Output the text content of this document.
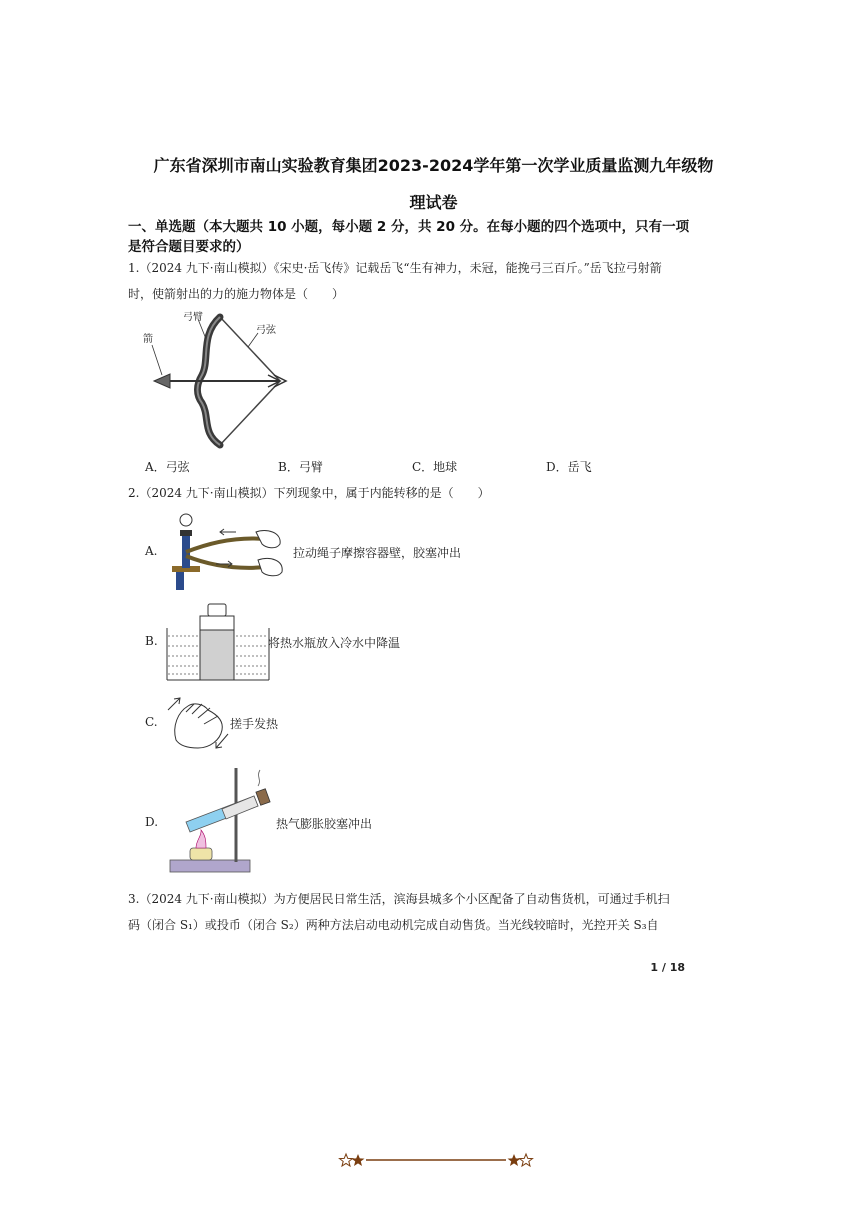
广东省深圳市南山实验教育集团2023-2024学年第一次学业质量监测九年级物
理试卷
一、单选题（本大题共 10 小题，每小题 2 分，共 20 分。在每小题的四个选项中，只有一项
是符合题目要求的）
1.（2024 九下·南山模拟）《宋史·岳飞传》记载岳飞“生有神力，未冠，能挽弓三百斤。”岳飞拉弓射箭
时，使箭射出的力的施力物体是（　　）
箭
弓臂
弓弦
A．弓弦	B．弓臂	C．地球	D．岳飞
2.（2024 九下·南山模拟）下列现象中，属于内能转移的是（　　）
A.	拉动绳子摩擦容器壁，胶塞冲出
B.	将热水瓶放入冷水中降温
C.	搓手发热
D.	热气膨胀胶塞冲出
3.（2024 九下·南山模拟）为方便居民日常生活，滨海县城多个小区配备了自动售货机，可通过手机扫
码（闭合 S₁）或投币（闭合 S₂）两种方法启动电动机完成自动售货。当光线较暗时，光控开关 S₃自
1 / 18
